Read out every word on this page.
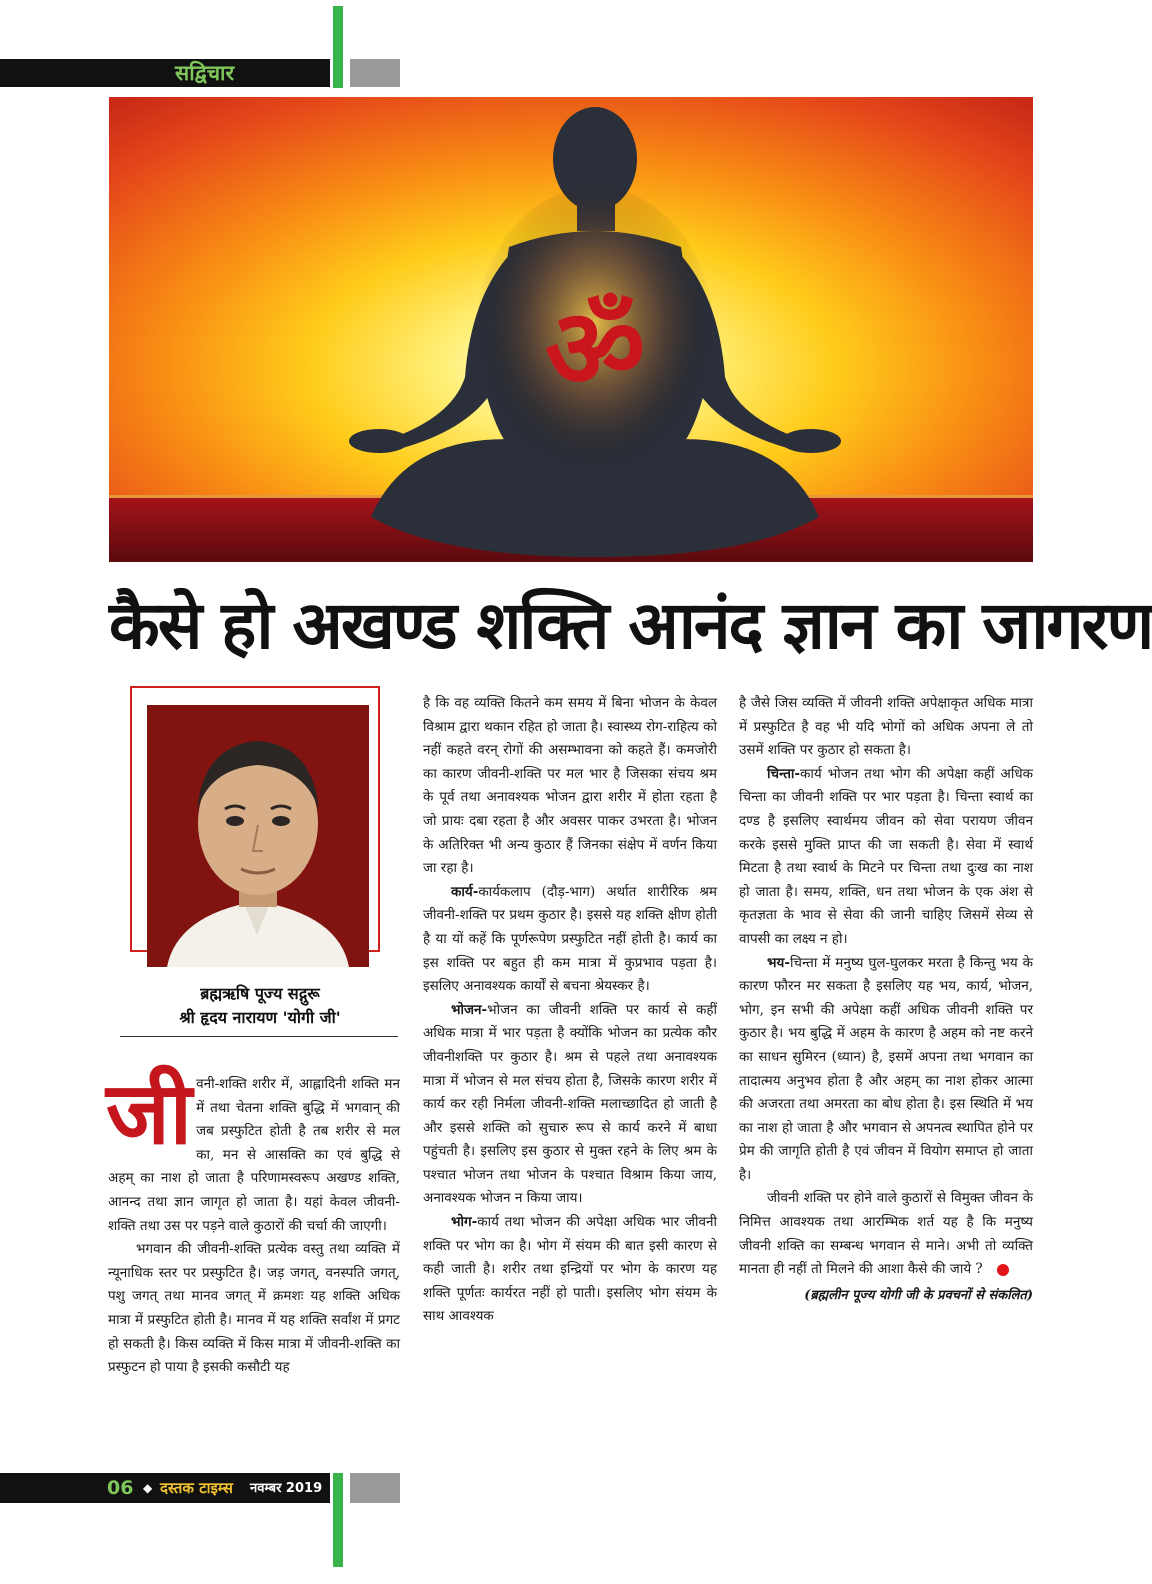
सद्विचार
ॐ
कैसे हो अखण्ड शक्ति आनंद ज्ञान का जागरण
ब्रह्मऋषि पूज्य सद्गुरू
श्री हृदय नारायण 'योगी जी'
जी वनी-शक्ति शरीर में, आह्लादिनी शक्ति मन में तथा चेतना शक्ति बुद्धि में भगवान् की जब प्रस्फुटित होती है तब शरीर से मल का, मन से आसक्ति का एवं बुद्धि से अहम् का नाश हो जाता है परिणामस्वरूप अखण्ड शक्ति, आनन्द तथा ज्ञान जागृत हो जाता है। यहां केवल जीवनी-शक्ति तथा उस पर पड़ने वाले कुठारों की चर्चा की जाएगी।

भगवान की जीवनी-शक्ति प्रत्येक वस्तु तथा व्यक्ति में न्यूनाधिक स्तर पर प्रस्फुटित है। जड़ जगत्, वनस्पति जगत्, पशु जगत् तथा मानव जगत् में क्रमशः यह शक्ति अधिक मात्रा में प्रस्फुटित होती है। मानव में यह शक्ति सर्वांश में प्रगट हो सकती है। किस व्यक्ति में किस मात्रा में जीवनी-शक्ति का प्रस्फुटन हो पाया है इसकी कसौटी यह

है कि वह व्यक्ति कितने कम समय में बिना भोजन के केवल विश्राम द्वारा थकान रहित हो जाता है। स्वास्थ्य रोग-राहित्य को नहीं कहते वरन् रोगों की असम्भावना को कहते हैं। कमजोरी का कारण जीवनी-शक्ति पर मल भार है जिसका संचय श्रम के पूर्व तथा अनावश्यक भोजन द्वारा शरीर में होता रहता है जो प्रायः दबा रहता है और अवसर पाकर उभरता है। भोजन के अतिरिक्त भी अन्य कुठार हैं जिनका संक्षेप में वर्णन किया जा रहा है।

कार्य-कार्यकलाप (दौड़-भाग) अर्थात शारीरिक श्रम जीवनी-शक्ति पर प्रथम कुठार है। इससे यह शक्ति क्षीण होती है या यों कहें कि पूर्णरूपेण प्रस्फुटित नहीं होती है। कार्य का इस शक्ति पर बहुत ही कम मात्रा में कुप्रभाव पड़ता है। इसलिए अनावश्यक कार्यों से बचना श्रेयस्कर है।

भोजन-भोजन का जीवनी शक्ति पर कार्य से कहीं अधिक मात्रा में भार पड़ता है क्योंकि भोजन का प्रत्येक कौर जीवनीशक्ति पर कुठार है। श्रम से पहले तथा अनावश्यक मात्रा में भोजन से मल संचय होता है, जिसके कारण शरीर में कार्य कर रही निर्मला जीवनी-शक्ति मलाच्छादित हो जाती है और इससे शक्ति को सुचारु रूप से कार्य करने में बाधा पहुंचती है। इसलिए इस कुठार से मुक्त रहने के लिए श्रम के पश्चात भोजन तथा भोजन के पश्चात विश्राम किया जाय, अनावश्यक भोजन न किया जाय।

भोग-कार्य तथा भोजन की अपेक्षा अधिक भार जीवनी शक्ति पर भोग का है। भोग में संयम की बात इसी कारण से कही जाती है। शरीर तथा इन्द्रियों पर भोग के कारण यह शक्ति पूर्णतः कार्यरत नहीं हो पाती। इसलिए भोग संयम के साथ आवश्यक

है जैसे जिस व्यक्ति में जीवनी शक्ति अपेक्षाकृत अधिक मात्रा में प्रस्फुटित है वह भी यदि भोगों को अधिक अपना ले तो उसमें शक्ति पर कुठार हो सकता है।

चिन्ता-कार्य भोजन तथा भोग की अपेक्षा कहीं अधिक चिन्ता का जीवनी शक्ति पर भार पड़ता है। चिन्ता स्वार्थ का दण्ड है इसलिए स्वार्थमय जीवन को सेवा परायण जीवन करके इससे मुक्ति प्राप्त की जा सकती है। सेवा में स्वार्थ मिटता है तथा स्वार्थ के मिटने पर चिन्ता तथा दुःख का नाश हो जाता है। समय, शक्ति, धन तथा भोजन के एक अंश से कृतज्ञता के भाव से सेवा की जानी चाहिए जिसमें सेव्य से वापसी का लक्ष्य न हो।

भय-चिन्ता में मनुष्य घुल-घुलकर मरता है किन्तु भय के कारण फौरन मर सकता है इसलिए यह भय, कार्य, भोजन, भोग, इन सभी की अपेक्षा कहीं अधिक जीवनी शक्ति पर कुठार है। भय बुद्धि में अहम के कारण है अहम को नष्ट करने का साधन सुमिरन (ध्यान) है, इसमें अपना तथा भगवान का तादात्मय अनुभव होता है और अहम् का नाश होकर आत्मा की अजरता तथा अमरता का बोध होता है। इस स्थिति में भय का नाश हो जाता है और भगवान से अपनत्व स्थापित होने पर प्रेम की जागृति होती है एवं जीवन में वियोग समाप्त हो जाता है।

जीवनी शक्ति पर होने वाले कुठारों से विमुक्त जीवन के निमित्त आवश्यक तथा आरम्भिक शर्त यह है कि मनुष्य जीवनी शक्ति का सम्बन्ध भगवान से माने। अभी तो व्यक्ति मानता ही नहीं तो मिलने की आशा कैसे की जाये ?

(ब्रह्मलीन पूज्य योगी जी के प्रवचनों से संकलित)
06 ◆ दस्तक टाइम्स नवम्बर 2019
